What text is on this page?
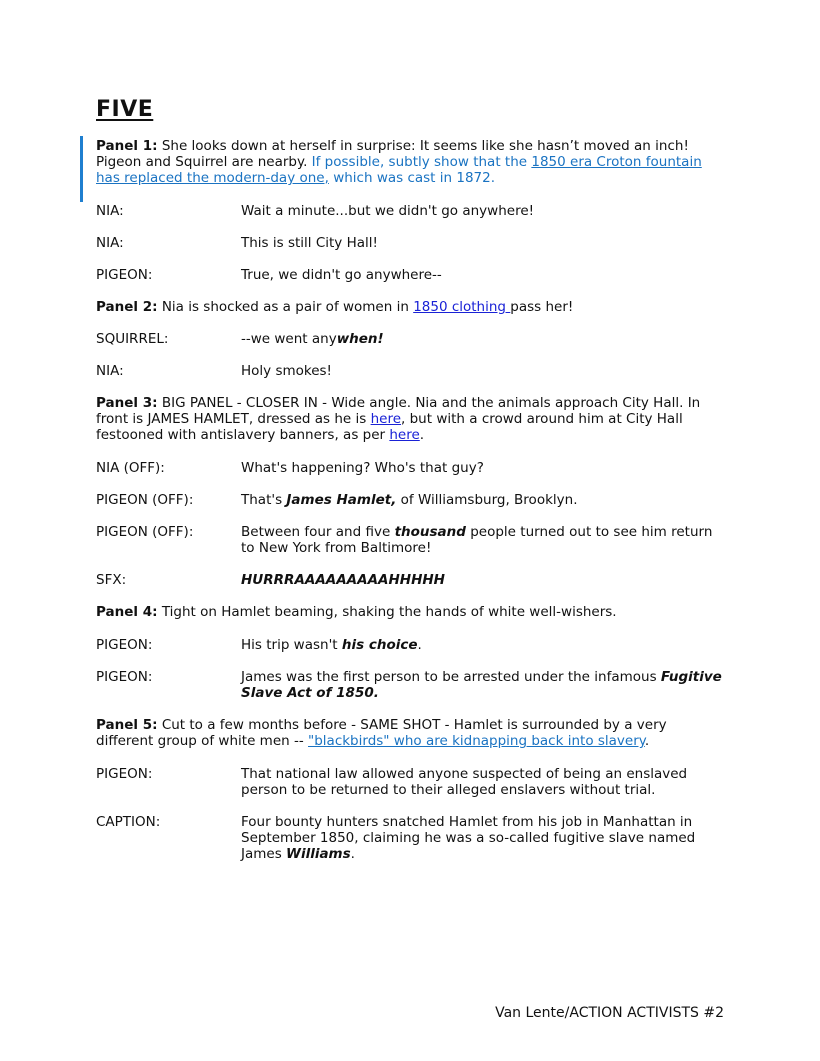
FIVE
Panel 1: She looks down at herself in surprise: It seems like she hasn’t moved an inch! Pigeon and Squirrel are nearby. If possible, subtly show that the 1850 era Croton fountain has replaced the modern-day one, which was cast in 1872.
NIA:	Wait a minute...but we didn't go anywhere!
NIA:	This is still City Hall!
PIGEON:	True, we didn't go anywhere--
Panel 2: Nia is shocked as a pair of women in 1850 clothing pass her!
SQUIRREL:	--we went anywhen!
NIA:	Holy smokes!
Panel 3: BIG PANEL - CLOSER IN - Wide angle. Nia and the animals approach City Hall. In front is JAMES HAMLET, dressed as he is here, but with a crowd around him at City Hall festooned with antislavery banners, as per here.
NIA (OFF):	What's happening? Who's that guy?
PIGEON (OFF):	That's James Hamlet, of Williamsburg, Brooklyn.
PIGEON (OFF):	Between four and five thousand people turned out to see him return to New York from Baltimore!
SFX:	HURRRAAAAAAAAAHHHHH
Panel 4: Tight on Hamlet beaming, shaking the hands of white well-wishers.
PIGEON:	His trip wasn't his choice.
PIGEON:	James was the first person to be arrested under the infamous Fugitive Slave Act of 1850.
Panel 5: Cut to a few months before - SAME SHOT - Hamlet is surrounded by a very different group of white men -- "blackbirds" who are kidnapping back into slavery.
PIGEON:	That national law allowed anyone suspected of being an enslaved person to be returned to their alleged enslavers without trial.
CAPTION:	Four bounty hunters snatched Hamlet from his job in Manhattan in September 1850, claiming he was a so-called fugitive slave named James Williams.
Van Lente/ACTION ACTIVISTS #2
